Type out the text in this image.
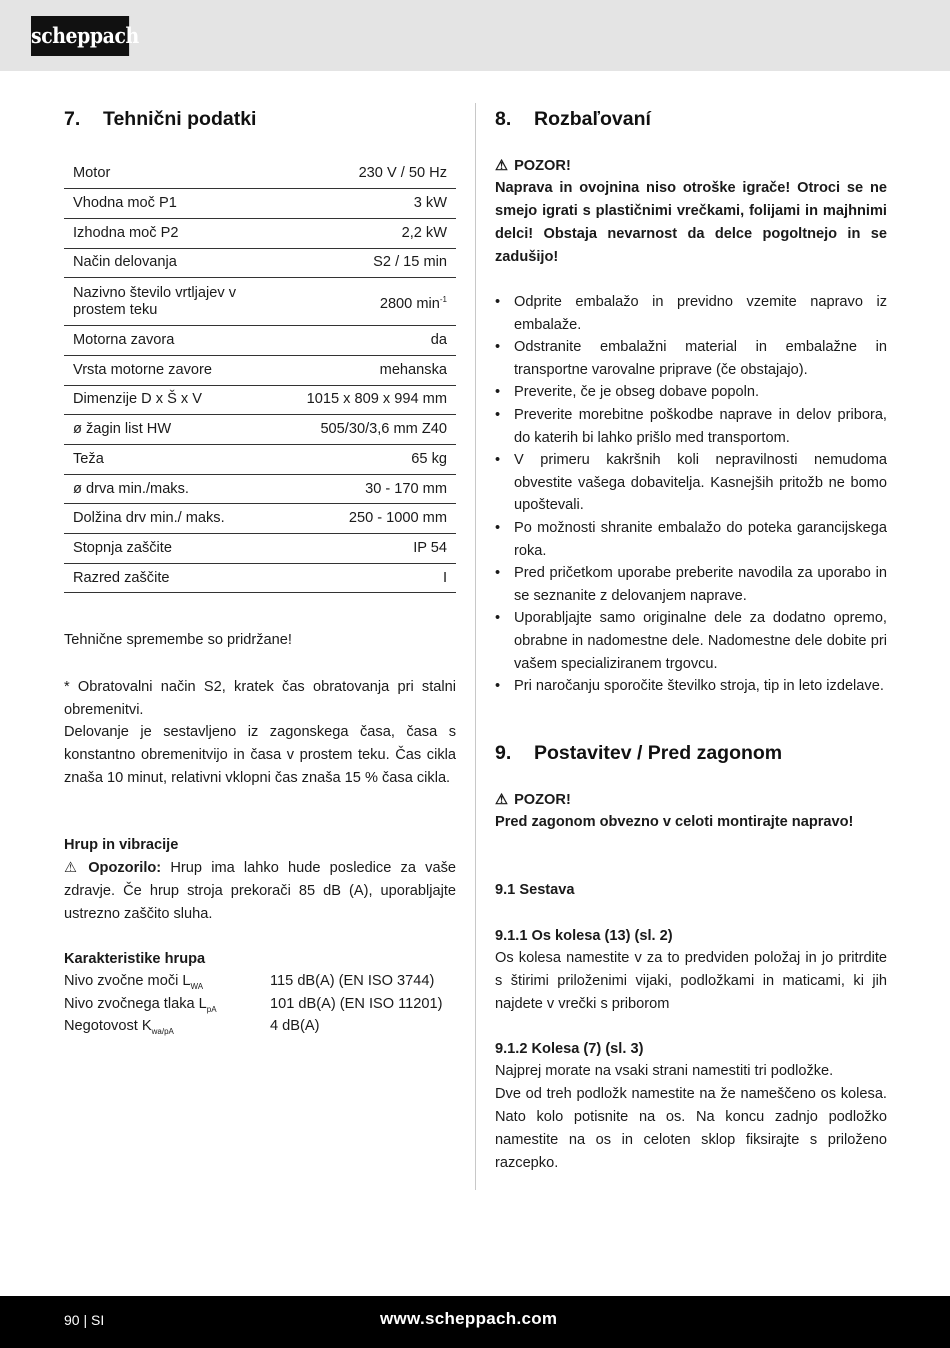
scheppach
7. Tehnični podatki
Motor	230 V / 50 Hz
Vhodna moč P1	3 kW
Izhodna moč P2	2,2 kW
Način delovanja	S2 / 15 min
Nazivno število vrtljajev v prostem teku	2800 $\min^{-1}$
Motorna zavora	da
Vrsta motorne zavore	mehanska
Dimenzije D x Š x V	1015 x 809 x 994 mm
ø žagin list HW	505/30/3,6 mm Z40
Teža	65 kg
ø drva min./maks.	30 - 170 mm
Dolžina drv min./ maks.	250 - 1000 mm
Stopnja zaščite	IP 54
Razred zaščite	I
Tehnične spremembe so pridržane!
* Obratovalni način S2, kratek čas obratovanja pri stalni obremenitvi.
Delovanje je sestavljeno iz zagonskega časa, časa s konstantno obremenitvijo in časa v prostem teku. Čas cikla znaša 10 minut, relativni vklopni čas znaša 15 % časa cikla.
Hrup in vibracije
⚠ Opozorilo: Hrup ima lahko hude posledice za vaše zdravje. Če hrup stroja prekorači 85 dB (A), uporabljajte ustrezno zaščito sluha.
Karakteristike hrupa
Nivo zvočne moči $L_{WA}$	115 dB(A) (EN ISO 3744)
Nivo zvočnega tlaka $L_{pA}$	101 dB(A) (EN ISO 11201)
Negotovost $K_{wa/pA}$	4 dB(A)
8. Rozbaľovaní
⚠ POZOR!
Naprava in ovojnina niso otroške igrače! Otroci se ne smejo igrati s plastičnimi vrečkami, folijami in majhnimi delci! Obstaja nevarnost da delce pogoltnejo in se zadušijo!
• Odprite embalažo in previdno vzemite napravo iz embalaže.
• Odstranite embalažni material in embalažne in transportne varovalne priprave (če obstajajo).
• Preverite, če je obseg dobave popoln.
• Preverite morebitne poškodbe naprave in delov pribora, do katerih bi lahko prišlo med transportom.
• V primeru kakršnih koli nepravilnosti nemudoma obvestite vašega dobavitelja. Kasnejših pritožb ne bomo upoštevali.
• Po možnosti shranite embalažo do poteka garancijskega roka.
• Pred pričetkom uporabe preberite navodila za uporabo in se seznanite z delovanjem naprave.
• Uporabljajte samo originalne dele za dodatno opremo, obrabne in nadomestne dele. Nadomestne dele dobite pri vašem specializiranem trgovcu.
• Pri naročanju sporočite številko stroja, tip in leto izdelave.
9. Postavitev / Pred zagonom
⚠ POZOR!
Pred zagonom obvezno v celoti montirajte napravo!
9.1 Sestava
9.1.1 Os kolesa (13) (sl. 2)
Os kolesa namestite v za to predviden položaj in jo pritrdite s štirimi priloženimi vijaki, podložkami in maticami, ki jih najdete v vrečki s priborom
9.1.2 Kolesa (7) (sl. 3)
Najprej morate na vsaki strani namestiti tri podložke.
Dve od treh podložk namestite na že nameščeno os kolesa. Nato kolo potisnite na os. Na koncu zadnjo podložko namestite na os in celoten sklop fiksirajte s priloženo razcepko.
90 | SI	www.scheppach.com
